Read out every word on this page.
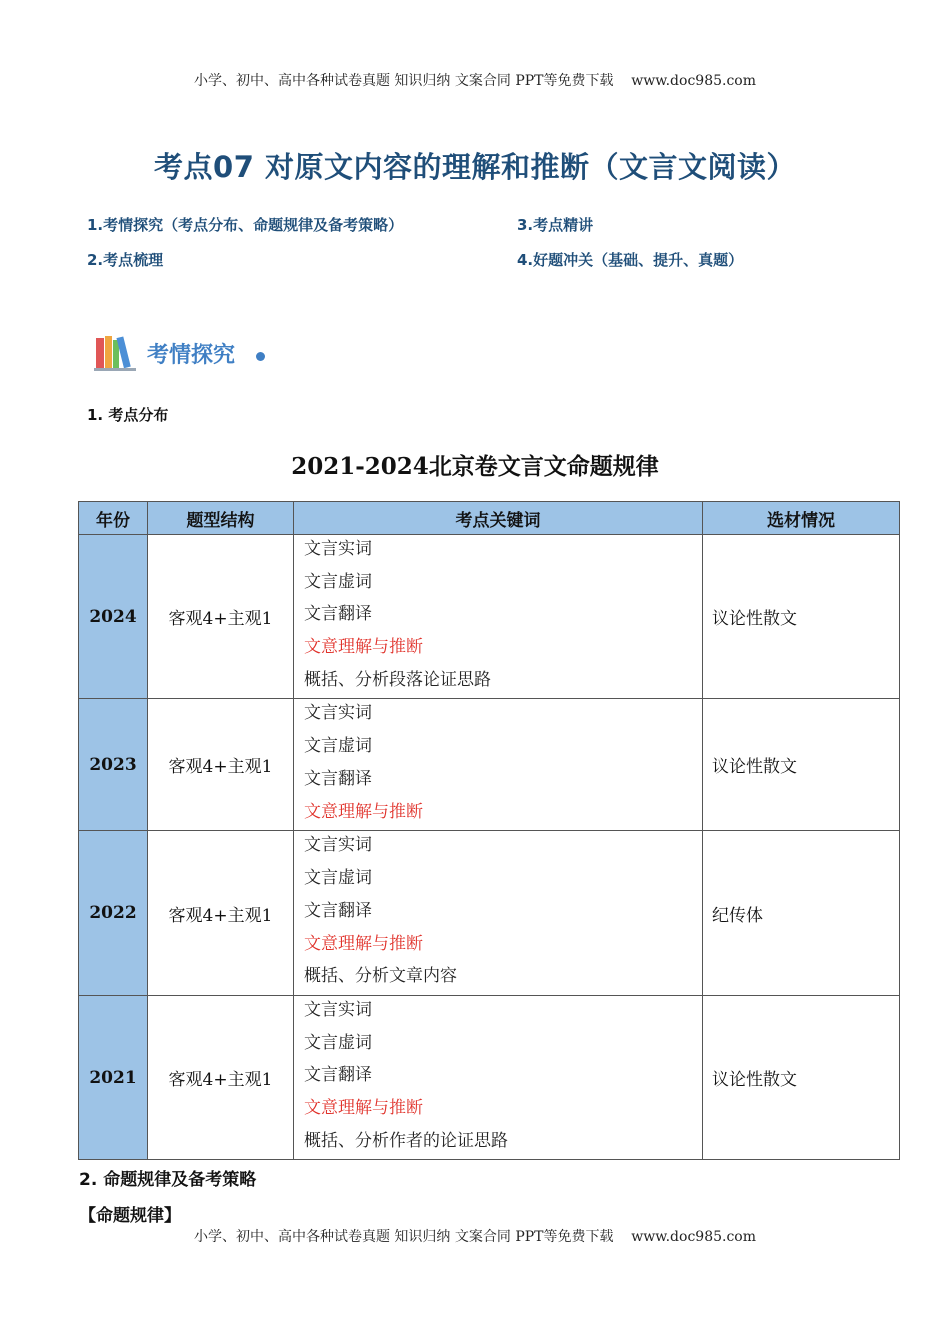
小学、初中、高中各种试卷真题 知识归纳 文案合同 PPT等免费下载    www.doc985.com
考点07 对原文内容的理解和推断（文言文阅读）
1.考情探究（考点分布、命题规律及备考策略）
2.考点梳理
3.考点精讲
4.好题冲关（基础、提升、真题）
考情探究
1. 考点分布
2021-2024北京卷文言文命题规律
年份	题型结构	考点关键词	选材情况
2024	客观4+主观1	文言实词
文言虚词
文言翻译
文意理解与推断
概括、分析段落论证思路	议论性散文
2023	客观4+主观1	文言实词
文言虚词
文言翻译
文意理解与推断	议论性散文
2022	客观4+主观1	文言实词
文言虚词
文言翻译
文意理解与推断
概括、分析文章内容	纪传体
2021	客观4+主观1	文言实词
文言虚词
文言翻译
文意理解与推断
概括、分析作者的论证思路	议论性散文
2. 命题规律及备考策略
【命题规律】
小学、初中、高中各种试卷真题 知识归纳 文案合同 PPT等免费下载    www.doc985.com
